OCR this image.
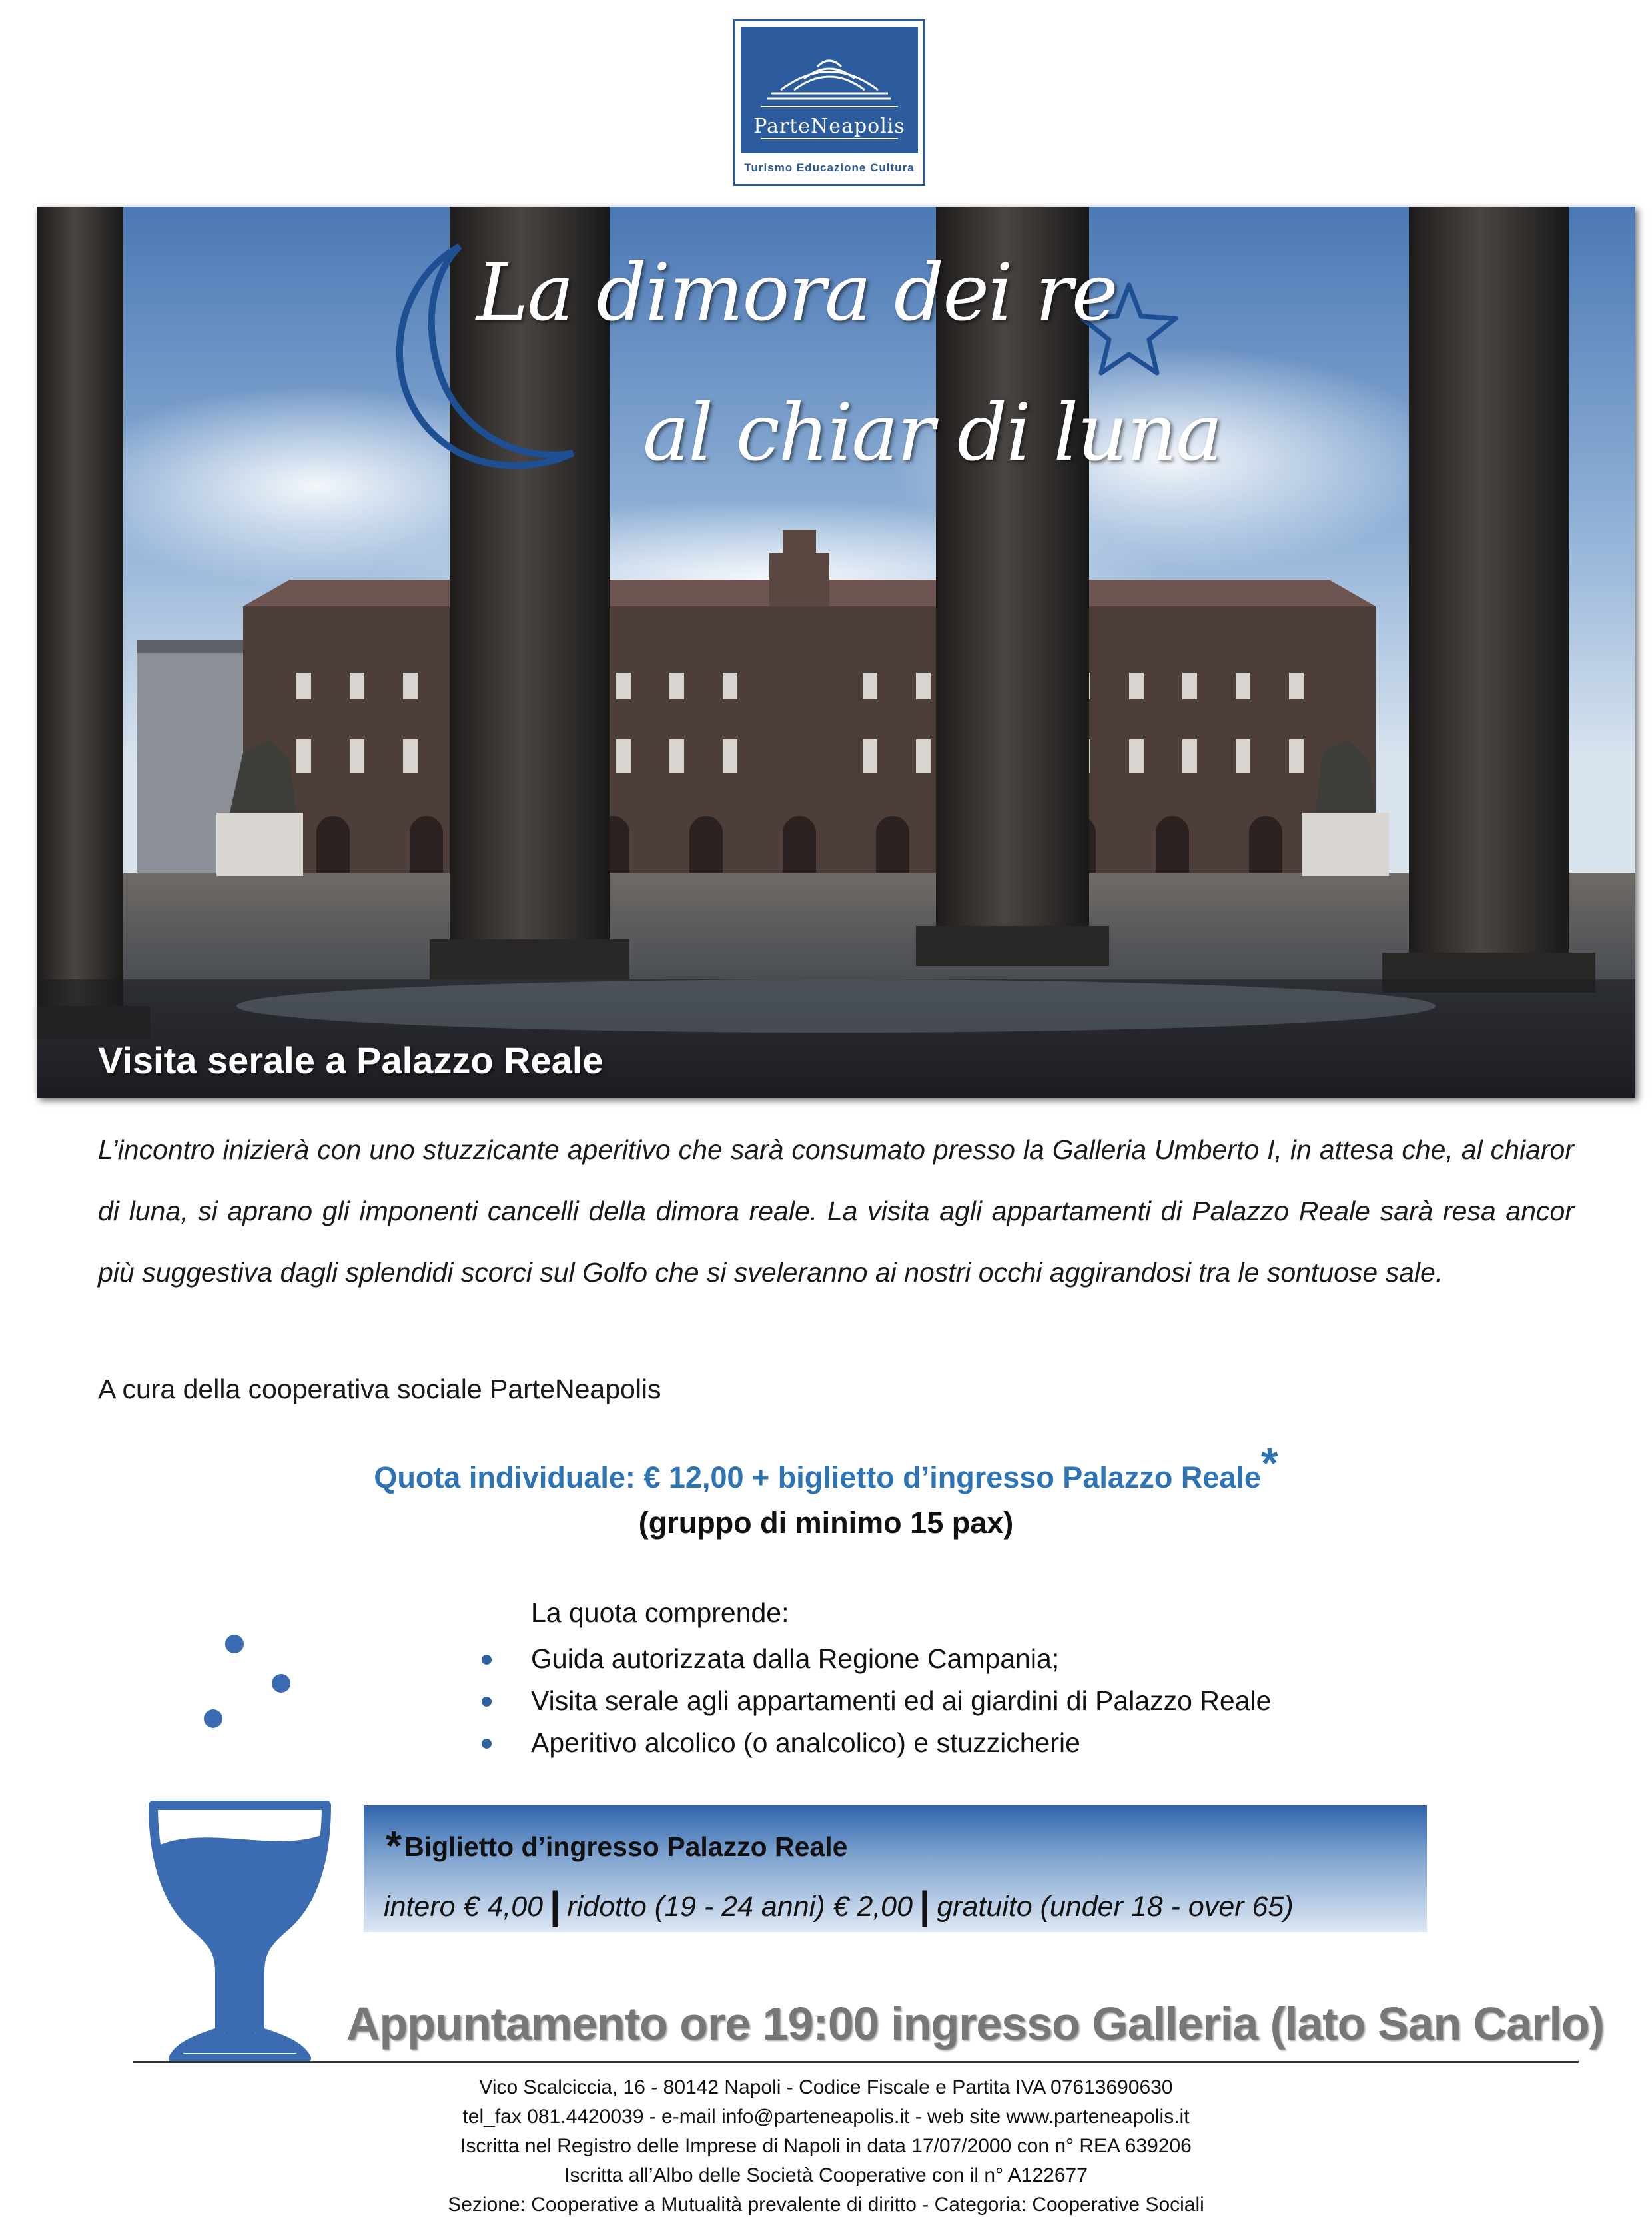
ParteNeapolis
Turismo Educazione Cultura
La dimora dei re
al chiar di luna
Visita serale a Palazzo Reale
L’incontro inizierà con uno stuzzicante aperitivo che sarà consumato presso la Galleria Umberto I, in attesa che, al chiaror di luna, si aprano gli imponenti cancelli della dimora reale. La visita agli appartamenti di Palazzo Reale sarà resa ancor più suggestiva dagli splendidi scorci sul Golfo che si sveleranno ai nostri occhi aggirandosi tra le sontuose sale.
A cura della cooperativa sociale ParteNeapolis
Quota individuale: € 12,00 + biglietto d’ingresso Palazzo Reale*
(gruppo di minimo 15 pax)
La quota comprende:
Guida autorizzata dalla Regione Campania;
Visita serale agli appartamenti ed ai giardini di Palazzo Reale
Aperitivo alcolico (o analcolico) e stuzzicherie
*Biglietto d’ingresso Palazzo Reale
intero € 4,00 | ridotto (19 - 24 anni) € 2,00 | gratuito (under 18 - over 65)
Appuntamento ore 19:00 ingresso Galleria (lato San Carlo)
Vico Scalciccia, 16 - 80142 Napoli - Codice Fiscale e Partita IVA 07613690630
tel_fax 081.4420039 - e-mail info@parteneapolis.it - web site www.parteneapolis.it
Iscritta nel Registro delle Imprese di Napoli in data 17/07/2000 con n° REA 639206
Iscritta all’Albo delle Società Cooperative con il n° A122677
Sezione: Cooperative a Mutualità prevalente di diritto - Categoria: Cooperative Sociali
